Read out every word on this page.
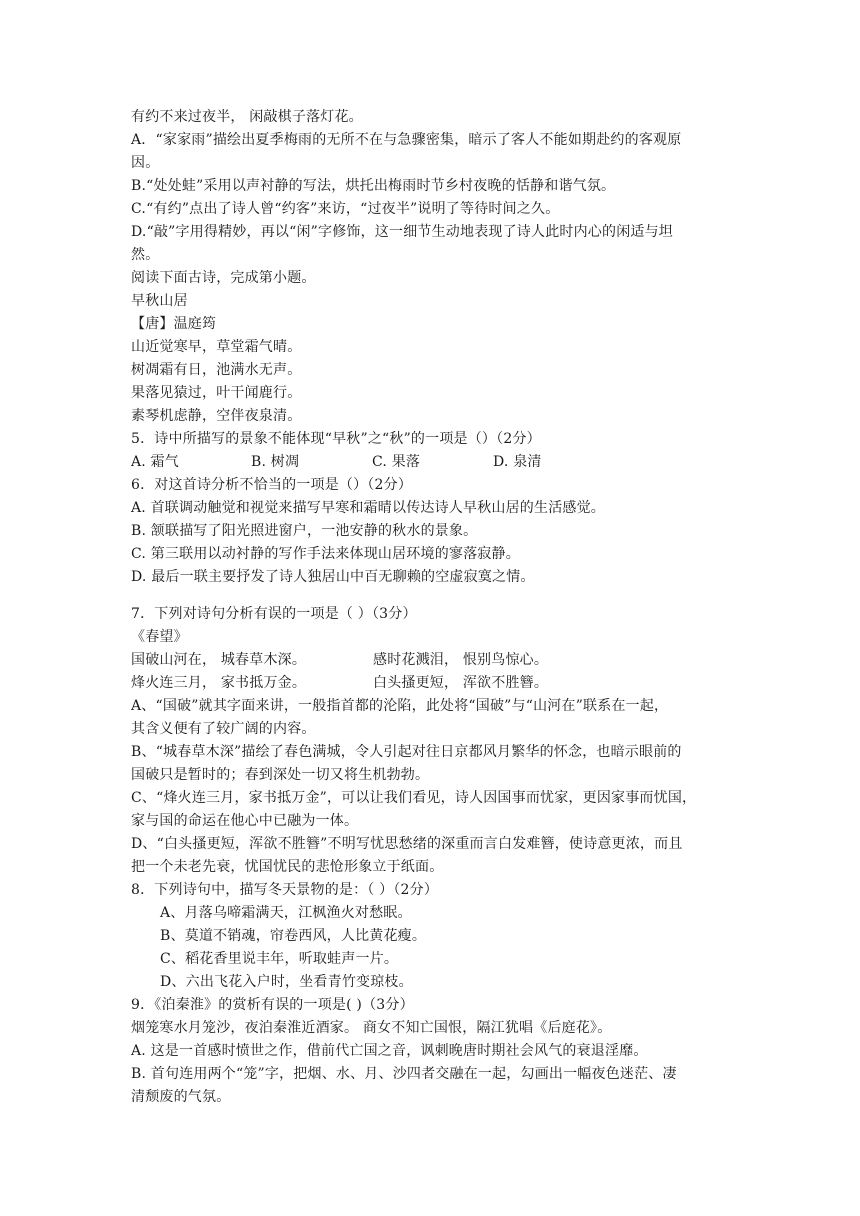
有约不来过夜半， 闲敲棋子落灯花。
A．“家家雨”描绘出夏季梅雨的无所不在与急骤密集，暗示了客人不能如期赴约的客观原
因。
B.“处处蛙”采用以声衬静的写法，烘托出梅雨时节乡村夜晚的恬静和谐气氛。
C.“有约”点出了诗人曾“约客”来访，“过夜半”说明了等待时间之久。
D.“敲”字用得精妙，再以“闲”字修饰，这一细节生动地表现了诗人此时内心的闲适与坦
然。
阅读下面古诗，完成第小题。
早秋山居
【唐】温庭筠
山近觉寒早，草堂霜气晴。
树凋霜有日，池满水无声。
果落见猿过，叶干闻鹿行。
素琴机虑静，空伴夜泉清。
5．诗中所描写的景象不能体现“早秋”之“秋”的一项是（）（2分）
A. 霜气	B. 树凋	C. 果落	D. 泉清
6．对这首诗分析不恰当的一项是（）（2分）
A. 首联调动触觉和视觉来描写早寒和霜晴以传达诗人早秋山居的生活感觉。
B. 颔联描写了阳光照进窗户，一池安静的秋水的景象。
C. 第三联用以动衬静的写作手法来体现山居环境的寥落寂静。
D. 最后一联主要抒发了诗人独居山中百无聊赖的空虚寂寞之情。
7．下列对诗句分析有误的一项是（ ）（3分）
《春望》
国破山河在， 城春草木深。	感时花溅泪， 恨别鸟惊心。
烽火连三月， 家书抵万金。	白头搔更短， 浑欲不胜簪。
A、“国破”就其字面来讲，一般指首都的沦陷，此处将“国破”与“山河在”联系在一起，
其含义便有了较广阔的内容。
B、“城春草木深”描绘了春色满城，令人引起对往日京都风月繁华的怀念，也暗示眼前的
国破只是暂时的；春到深处一切又将生机勃勃。
C、“烽火连三月，家书抵万金”，可以让我们看见，诗人因国事而忧家，更因家事而忧国，
家与国的命运在他心中已融为一体。
D、“白头搔更短，浑欲不胜簪”不明写忧思愁绪的深重而言白发难簪，使诗意更浓，而且
把一个未老先衰，忧国忧民的悲怆形象立于纸面。
8．下列诗句中，描写冬天景物的是：（ ）（2分）
A、月落乌啼霜满天，江枫渔火对愁眠。
B、莫道不销魂，帘卷西风，人比黄花瘦。
C、稻花香里说丰年，听取蛙声一片。
D、六出飞花入户时，坐看青竹变琼枝。
9．《泊秦淮》的赏析有误的一项是( )（3分）
烟笼寒水月笼沙，夜泊秦淮近酒家。 商女不知亡国恨，隔江犹唱《后庭花》。
A. 这是一首感时愤世之作，借前代亡国之音，讽刺晚唐时期社会风气的衰退淫靡。
B. 首句连用两个“笼”字，把烟、水、月、沙四者交融在一起，勾画出一幅夜色迷茫、凄
清颓废的气氛。
